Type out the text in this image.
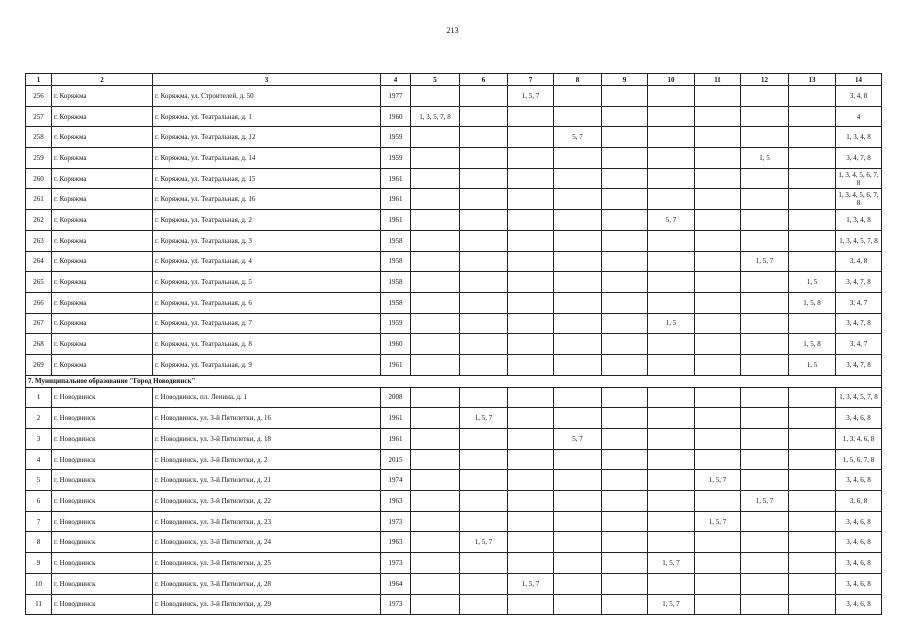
213
1	2	3	4	5	6	7	8	9	10	11	12	13	14
256	г. Коряжма	г. Коряжма, ул. Строителей, д. 50	1977			1, 5, 7							3, 4, 8
257	г. Коряжма	г. Коряжма, ул. Театральная, д. 1	1960	1, 3, 5, 7, 8									4
258	г. Коряжма	г. Коряжма, ул. Театральная, д. 12	1959				5, 7						1, 3, 4, 8
259	г. Коряжма	г. Коряжма, ул. Театральная, д. 14	1959								1, 5		3, 4, 7, 8
260	г. Коряжма	г. Коряжма, ул. Театральная, д. 15	1961										1, 3, 4, 5, 6, 7, 8
261	г. Коряжма	г. Коряжма, ул. Театральная, д. 16	1961										1, 3, 4, 5, 6, 7, 8
262	г. Коряжма	г. Коряжма, ул. Театральная, д. 2	1961						5, 7				1, 3, 4, 8
263	г. Коряжма	г. Коряжма, ул. Театральная, д. 3	1958										1, 3, 4, 5, 7, 8
264	г. Коряжма	г. Коряжма, ул. Театральная, д. 4	1958								1, 5, 7		3, 4, 8
265	г. Коряжма	г. Коряжма, ул. Театральная, д. 5	1958									1, 5	3, 4, 7, 8
266	г. Коряжма	г. Коряжма, ул. Театральная, д. 6	1958									1, 5, 8	3, 4, 7
267	г. Коряжма	г. Коряжма, ул. Театральная, д. 7	1959						1, 5				3, 4, 7, 8
268	г. Коряжма	г. Коряжма, ул. Театральная, д. 8	1960									1, 5, 8	3, 4, 7
269	г. Коряжма	г. Коряжма, ул. Театральная, д. 9	1961									1, 5	3, 4, 7, 8
7. Муниципальное образование "Город Новодвинск"													
1	г. Новодвинск	г. Новодвинск, пл. Ленина, д. 1	2008										1, 3, 4, 5, 7, 8
2	г. Новодвинск	г. Новодвинск, ул. 3-й Пятилетки, д. 16	1961		1, 5, 7								3, 4, 6, 8
3	г. Новодвинск	г. Новодвинск, ул. 3-й Пятилетки, д. 18	1961				5, 7						1, 3, 4, 6, 8
4	г. Новодвинск	г. Новодвинск, ул. 3-й Пятилетки, д. 2	2015										1, 5, 6, 7, 8
5	г. Новодвинск	г. Новодвинск, ул. 3-й Пятилетки, д. 21	1974							1, 5, 7			3, 4, 6, 8
6	г. Новодвинск	г. Новодвинск, ул. 3-й Пятилетки, д. 22	1963								1, 5, 7		3, 6, 8
7	г. Новодвинск	г. Новодвинск, ул. 3-й Пятилетки, д. 23	1973							1, 5, 7			3, 4, 6, 8
8	г. Новодвинск	г. Новодвинск, ул. 3-й Пятилетки, д. 24	1963		1, 5, 7								3, 4, 6, 8
9	г. Новодвинск	г. Новодвинск, ул. 3-й Пятилетки, д. 25	1973						1, 5, 7				3, 4, 6, 8
10	г. Новодвинск	г. Новодвинск, ул. 3-й Пятилетки, д. 28	1964			1, 5, 7							3, 4, 6, 8
11	г. Новодвинск	г. Новодвинск, ул. 3-й Пятилетки, д. 29	1973						1, 5, 7				3, 4, 6, 8
